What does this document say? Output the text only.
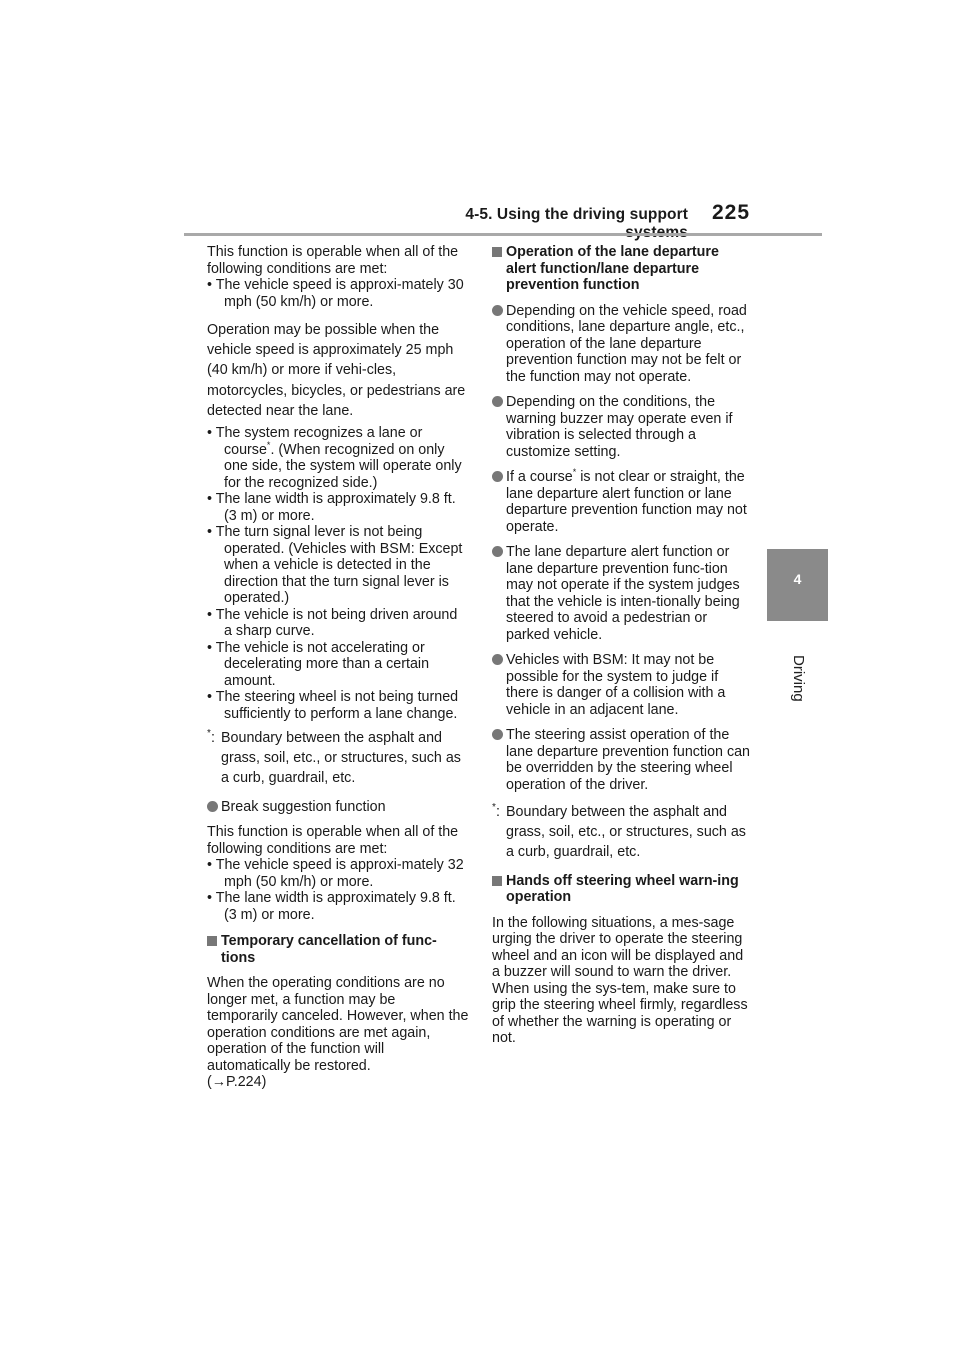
4-5. Using the driving support 225
4
Driving

This function is operable when all of the following conditions are met:

• The vehicle speed is approxi-mately 30 mph (50 km/h) or more.

Operation may be possible when the vehicle speed is approximately 25 mph (40 km/h) or more if vehi-cles, motorcycles, bicycles, or pedestrians are detected near the lane.

• The system recognizes a lane or course*. (When recognized on only one side, the system will operate only for the recognized side.)

• The lane width is approximately 9.8 ft. (3 m) or more.

• The turn signal lever is not being operated. (Vehicles with BSM: Except when a vehicle is detected in the direction that the turn signal lever is operated.)

• The vehicle is not being driven around a sharp curve.

• The vehicle is not accelerating or decelerating more than a certain amount.

• The steering wheel is not being turned sufficiently to perform a lane change.

* : Boundary between the asphalt and grass, soil, etc., or structures, such as a curb, guardrail, etc.
Break suggestion function

This function is operable when all of the following conditions are met:

• The vehicle speed is approxi-mately 32 mph (50 km/h) or more.

• The lane width is approximately 9.8 ft. (3 m) or more.

Temporary cancellation of func-tions

When the operating conditions are no longer met, a function may be temporarily canceled. However, when the operation conditions are met again, operation of the function will automatically be restored.

(→P.224)

Operation of the lane departure alert function/lane departure prevention function
Depending on the vehicle speed, road conditions, lane departure angle, etc., operation of the lane departure prevention function may not be felt or the function may not operate.
Depending on the conditions, the warning buzzer may operate even if vibration is selected through a customize setting.
If a course* is not clear or straight, the lane departure alert function or lane departure prevention function may not operate.
The lane departure alert function or lane departure prevention func-tion may not operate if the system judges that the vehicle is inten-tionally being steered to avoid a pedestrian or parked vehicle.
Vehicles with BSM: It may not be possible for the system to judge if there is danger of a collision with a vehicle in an adjacent lane.
The steering assist operation of the lane departure prevention function can be overridden by the steering wheel operation of the driver.
* : Boundary between the asphalt and grass, soil, etc., or structures, such as a curb, guardrail, etc.
Hands off steering wheel warn-ing operation

In the following situations, a mes-sage urging the driver to operate the steering wheel and an icon will be displayed and a buzzer will sound to warn the driver. When using the sys-tem, make sure to grip the steering wheel firmly, regardless of whether the warning is operating or not.
